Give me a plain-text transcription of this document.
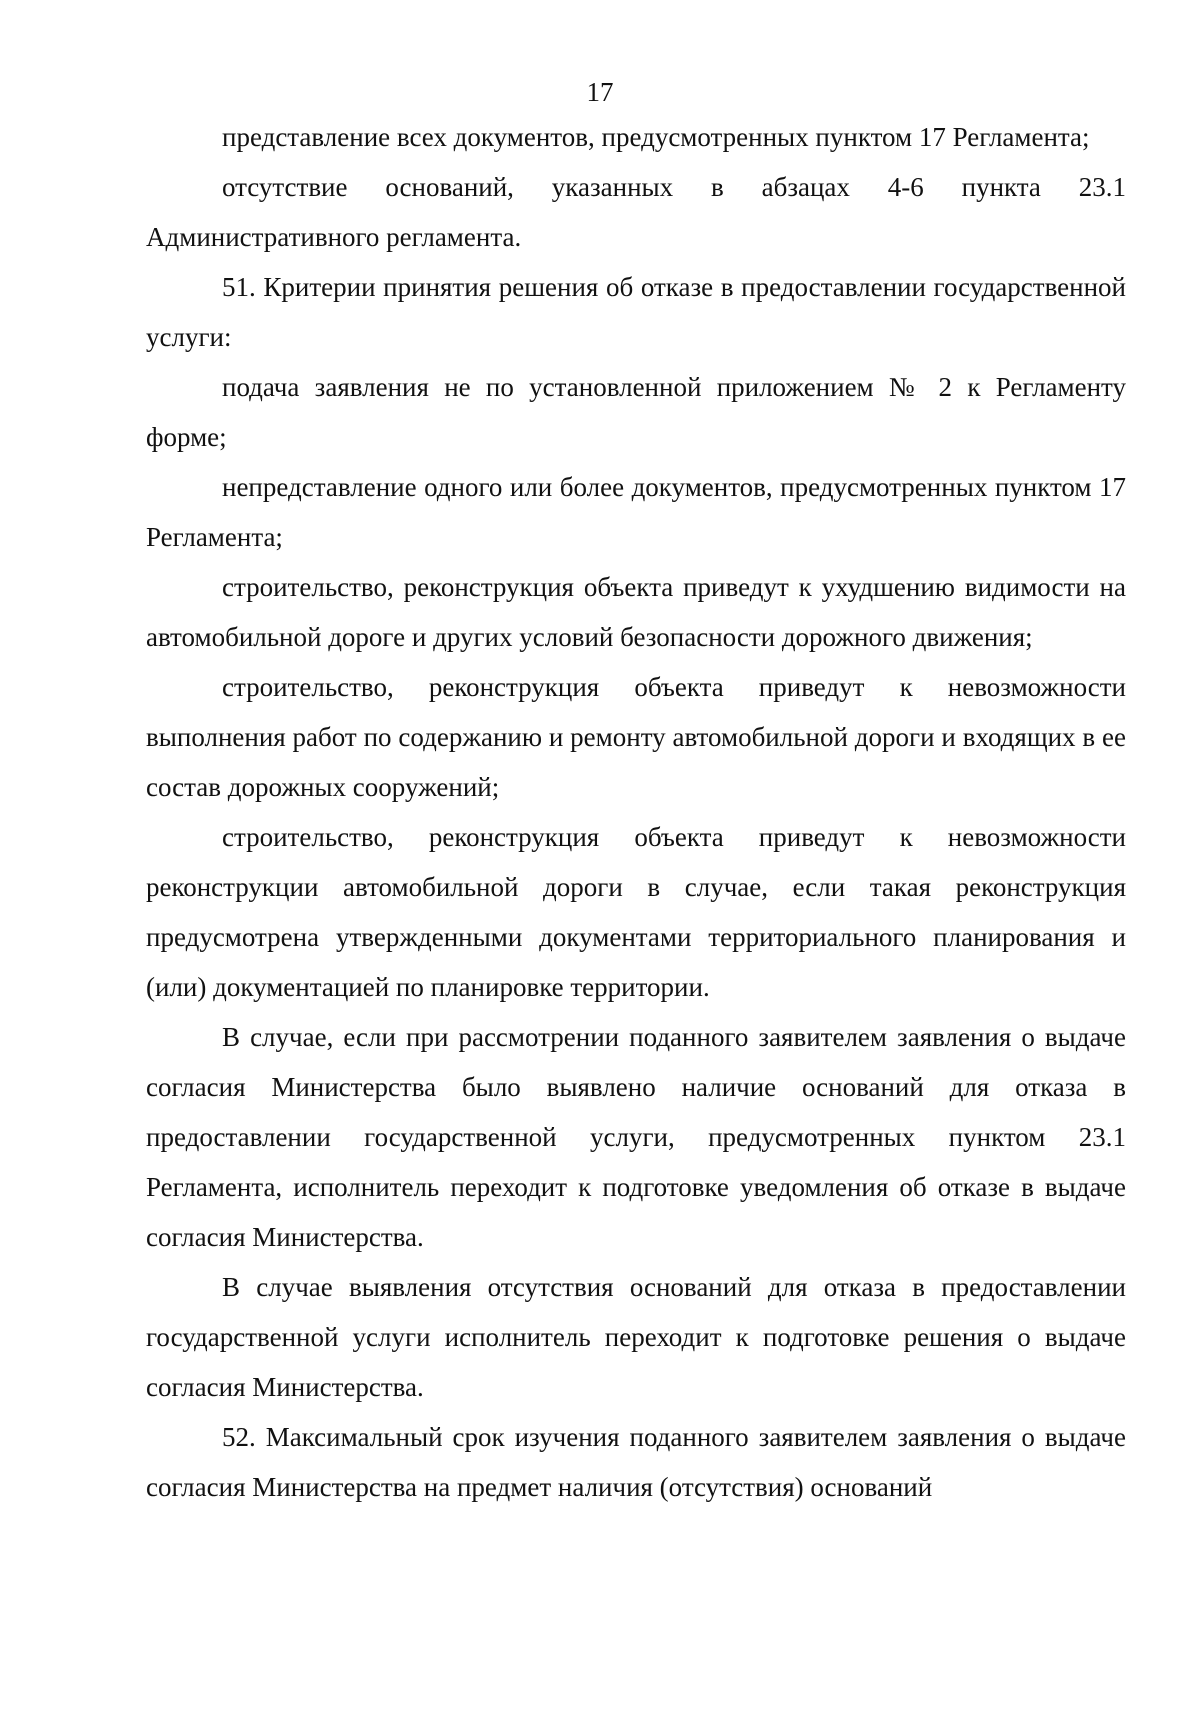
17

представление всех документов, предусмотренных пунктом 17 Регламента;

отсутствие оснований, указанных в абзацах 4-6 пункта 23.1 Административного регламента.

51. Критерии принятия решения об отказе в предоставлении государственной услуги:

подача заявления не по установленной приложением № 2 к Регламенту форме;

непредставление одного или более документов, предусмотренных пунктом 17 Регламента;

строительство, реконструкция объекта приведут к ухудшению видимости на автомобильной дороге и других условий безопасности дорожного движения;

строительство, реконструкция объекта приведут к невозможности выполнения работ по содержанию и ремонту автомобильной дороги и входящих в ее состав дорожных сооружений;

строительство, реконструкция объекта приведут к невозможности реконструкции автомобильной дороги в случае, если такая реконструкция предусмотрена утвержденными документами территориального планирования и (или) документацией по планировке территории.

В случае, если при рассмотрении поданного заявителем заявления о выдаче согласия Министерства было выявлено наличие оснований для отказа в предоставлении государственной услуги, предусмотренных пунктом 23.1 Регламента, исполнитель переходит к подготовке уведомления об отказе в выдаче согласия Министерства.

В случае выявления отсутствия оснований для отказа в предоставлении государственной услуги исполнитель переходит к подготовке решения о выдаче согласия Министерства.

52. Максимальный срок изучения поданного заявителем заявления о выдаче согласия Министерства на предмет наличия (отсутствия) оснований
